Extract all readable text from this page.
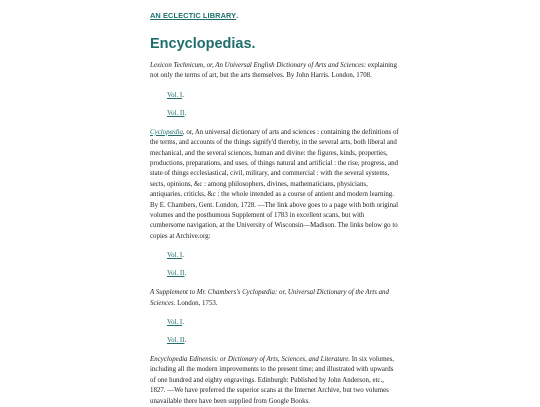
AN ECLECTIC LIBRARY.
Encyclopedias.

Lexicon Technicum, or, An Universal English Dictionary of Arts and Sciences: explaining not only the terms of art, but the arts themselves. By John Harris. London, 1708.

Vol. I.
Vol. II.

Cyclopædia, or, An universal dictionary of arts and sciences : containing the definitions of the terms, and accounts of the things signify'd thereby, in the several arts, both liberal and mechanical, and the several sciences, human and divine: the figures, kinds, properties, productions, preparations, and uses, of things natural and artificial : the rise, progress, and state of things ecclesiastical, civil, military, and commercial : with the several systems, sects, opinions, &c : among philosophers, divines, mathematicians, physicians, antiquaries, criticks, &c : the whole intended as a course of antient and modern learning. By E. Chambers, Gent. London, 1728. —The link above goes to a page with both original volumes and the posthumous Supplement of 1783 in excellent scans, but with cumbersome navigation, at the University of Wisconsin—Madison. The links below go to copies at Archive.org:

Vol. I.
Vol. II.

A Supplement to Mr. Chambers's Cyclopædia: or, Universal Dictionary of the Arts and Sciences. London, 1753.

Vol. I.
Vol. II.

Encyclopedia Edinensis: or Dictionary of Arts, Sciences, and Literature. In six volumes, including all the modern improvements to the present time; and illustrated with upwards of one hundred and eighty engravings. Edinburgh: Published by John Anderson, etc., 1827. —We have preferred the superior scans at the Internet Archive, but two volumes unavailable there have been supplied from Google Books.
